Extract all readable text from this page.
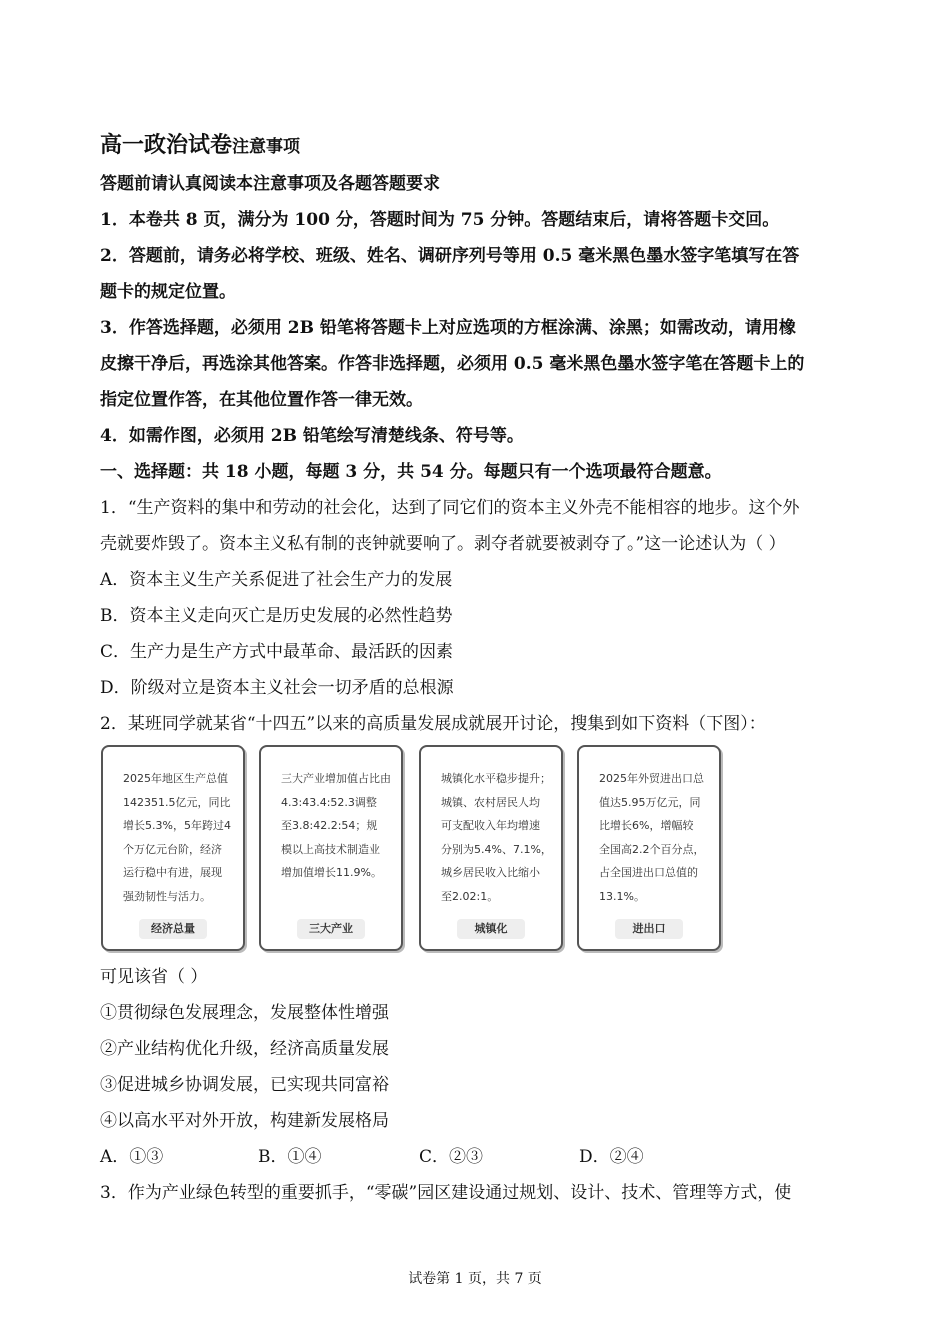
高一政治试卷注意事项
答题前请认真阅读本注意事项及各题答题要求
1．本卷共 8 页，满分为 100 分，答题时间为 75 分钟。答题结束后，请将答题卡交回。
2．答题前，请务必将学校、班级、姓名、调研序列号等用 0.5 毫米黑色墨水签字笔填写在答
题卡的规定位置。
3．作答选择题，必须用 2B 铅笔将答题卡上对应选项的方框涂满、涂黑；如需改动，请用橡
皮擦干净后，再选涂其他答案。作答非选择题，必须用 0.5 毫米黑色墨水签字笔在答题卡上的
指定位置作答，在其他位置作答一律无效。
4．如需作图，必须用 2B 铅笔绘写清楚线条、符号等。
一、选择题：共 18 小题，每题 3 分，共 54 分。每题只有一个选项最符合题意。
1．“生产资料的集中和劳动的社会化，达到了同它们的资本主义外壳不能相容的地步。这个外
壳就要炸毁了。资本主义私有制的丧钟就要响了。剥夺者就要被剥夺了。”这一论述认为（ ）
A．资本主义生产关系促进了社会生产力的发展
B．资本主义走向灭亡是历史发展的必然性趋势
C．生产力是生产方式中最革命、最活跃的因素
D．阶级对立是资本主义社会一切矛盾的总根源
2．某班同学就某省“十四五”以来的高质量发展成就展开讨论，搜集到如下资料（下图）：
2025年地区生产总值
142351.5亿元，同比
增长5.3%，5年跨过4
个万亿元台阶，经济
运行稳中有进，展现
强劲韧性与活力。
经济总量
三大产业增加值占比由
4.3:43.4:52.3调整
至3.8:42.2:54；规
模以上高技术制造业
增加值增长11.9%。
三大产业
城镇化水平稳步提升；
城镇、农村居民人均
可支配收入年均增速
分别为5.4%、7.1%，
城乡居民收入比缩小
至2.02:1。
城镇化
2025年外贸进出口总
值达5.95万亿元，同
比增长6%，增幅较
全国高2.2个百分点，
占全国进出口总值的
13.1%。
进出口
可见该省（ ）
①贯彻绿色发展理念，发展整体性增强
②产业结构优化升级，经济高质量发展
③促进城乡协调发展，已实现共同富裕
④以高水平对外开放，构建新发展格局
A．①③	B．①④	C．②③	D．②④
3．作为产业绿色转型的重要抓手，“零碳”园区建设通过规划、设计、技术、管理等方式，使
试卷第 1 页，共 7 页
